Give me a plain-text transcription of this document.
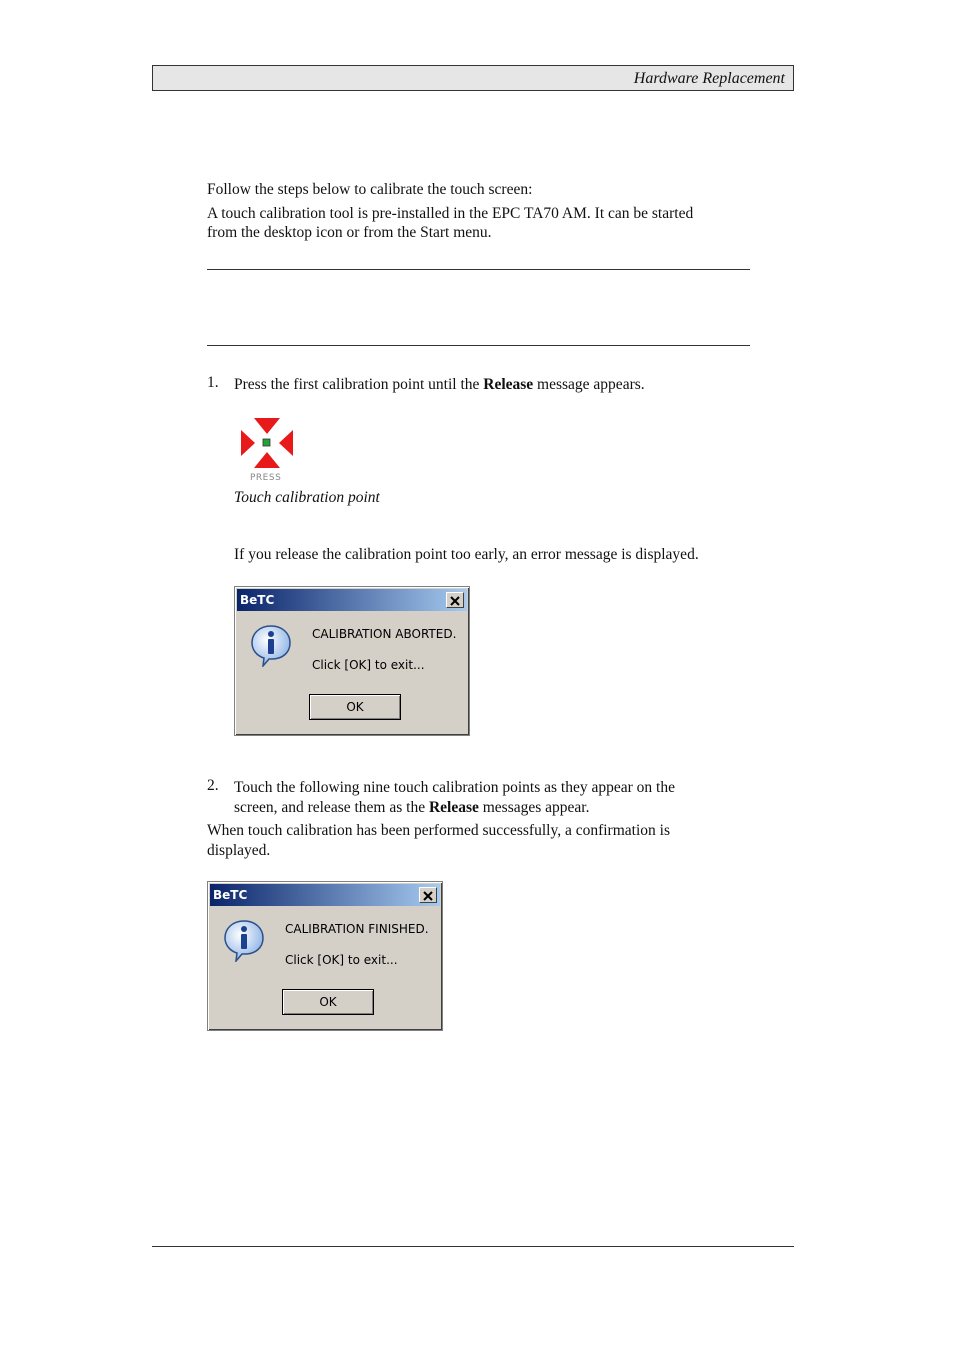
Hardware Replacement

Follow the steps below to calibrate the touch screen:

A touch calibration tool is pre-installed in the EPC TA70 AM. It can be started

from the desktop icon or from the Start menu.

1. Press the first calibration point until the Release message appears.

PRESS
Touch calibration point

If you release the calibration point too early, an error message is displayed.

BeTC
CALIBRATION ABORTED.
Click [OK] to exit...
OK
2. Touch the following nine touch calibration points as they appear on the

screen, and release them as the Release messages appear.

When touch calibration has been performed successfully, a confirmation is

displayed.

BeTC
CALIBRATION FINISHED.
Click [OK] to exit...
OK
